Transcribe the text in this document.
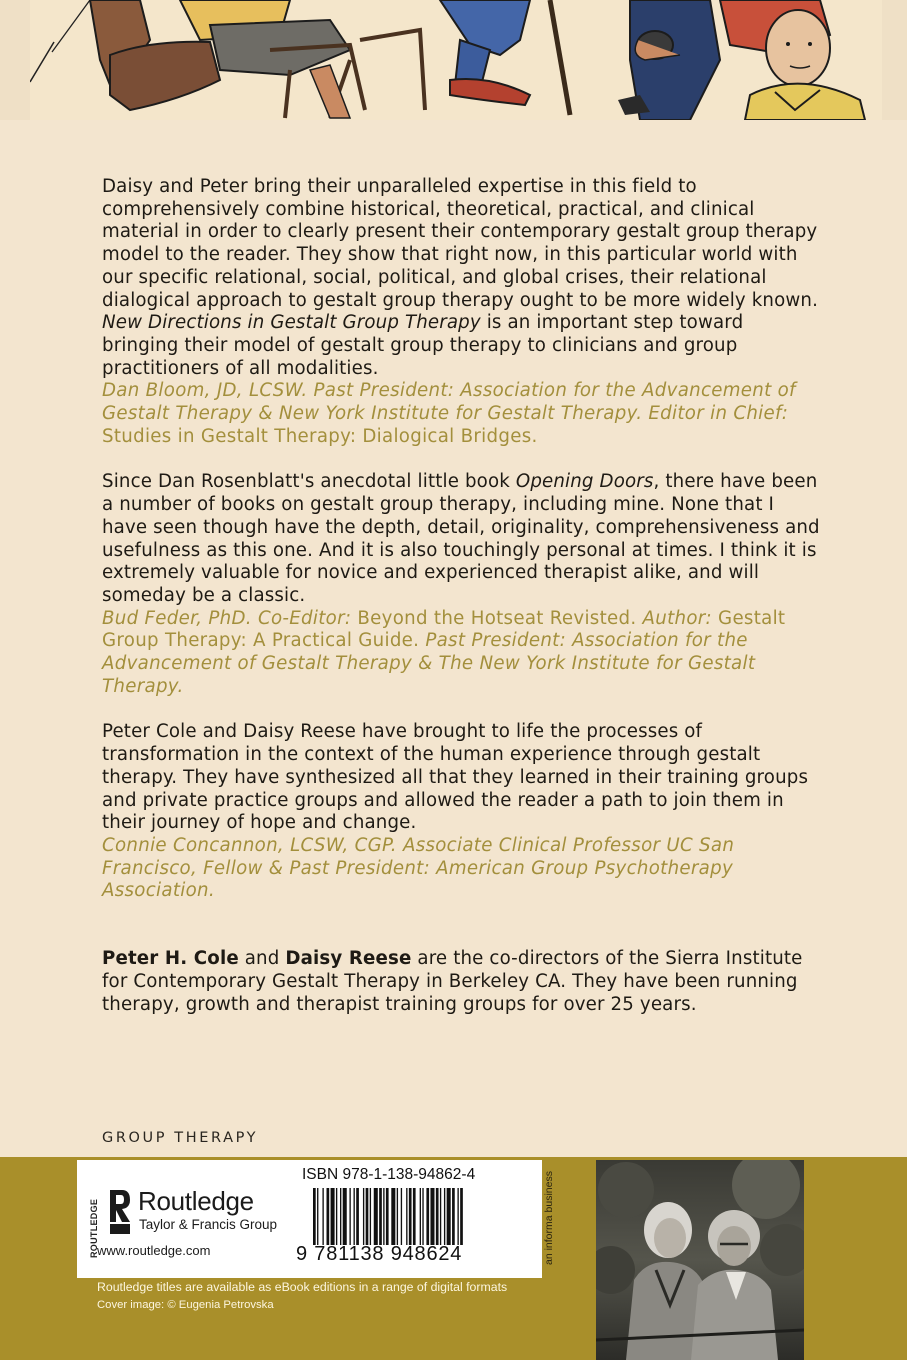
Daisy and Peter bring their unparalleled expertise in this field to comprehensively combine historical, theoretical, practical, and clinical material in order to clearly present their contemporary gestalt group therapy model to the reader. They show that right now, in this particular world with our specific relational, social, political, and global crises, their relational dialogical approach to gestalt group therapy ought to be more widely known. New Directions in Gestalt Group Therapy is an important step toward bringing their model of gestalt group therapy to clinicians and group practitioners of all modalities.

Dan Bloom, JD, LCSW. Past President: Association for the Advancement of Gestalt Therapy & New York Institute for Gestalt Therapy. Editor in Chief: Studies in Gestalt Therapy: Dialogical Bridges.

Since Dan Rosenblatt's anecdotal little book Opening Doors, there have been a number of books on gestalt group therapy, including mine. None that I have seen though have the depth, detail, originality, comprehensiveness and usefulness as this one. And it is also touchingly personal at times. I think it is extremely valuable for novice and experienced therapist alike, and will someday be a classic.

Bud Feder, PhD. Co-Editor: Beyond the Hotseat Revisted. Author: Gestalt Group Therapy: A Practical Guide. Past President: Association for the Advancement of Gestalt Therapy & The New York Institute for Gestalt Therapy.

Peter Cole and Daisy Reese have brought to life the processes of transformation in the context of the human experience through gestalt therapy. They have synthesized all that they learned in their training groups and private practice groups and allowed the reader a path to join them in their journey of hope and change.

Connie Concannon, LCSW, CGP. Associate Clinical Professor UC San Francisco, Fellow & Past President: American Group Psychotherapy Association.

Peter H. Cole and Daisy Reese are the co-directors of the Sierra Institute for Contemporary Gestalt Therapy in Berkeley CA. They have been running therapy, growth and therapist training groups for over 25 years.

GROUP THERAPY
ROUTLEDGE Routledge
Taylor & Francis Group
www.routledge.com
ISBN 978-1-138-94862-4
9 781138 948624	an informa business
Routledge titles are available as eBook editions in a range of digital formats
Cover image: © Eugenia Petrovska
